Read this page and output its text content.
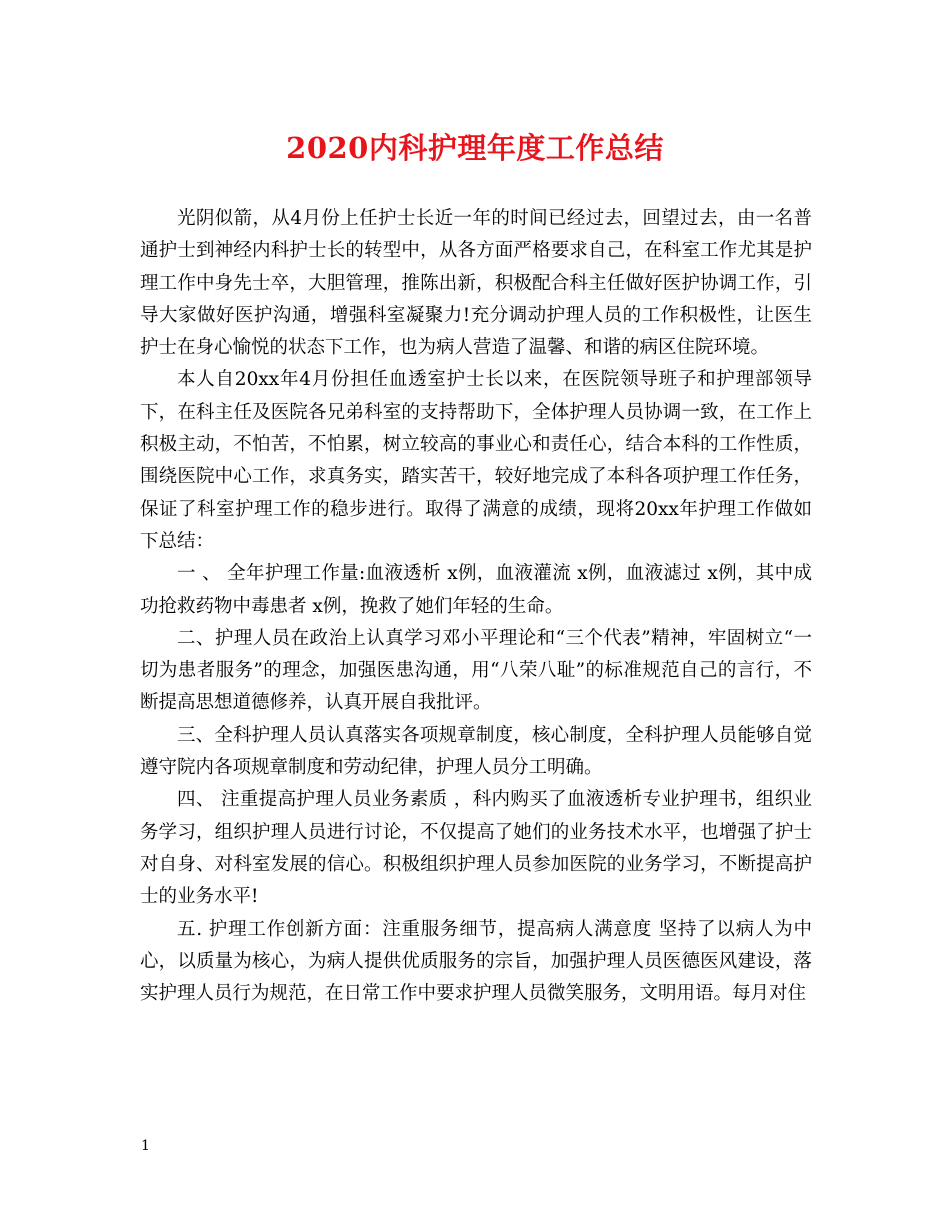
2020内科护理年度工作总结

光阴似箭，从4月份上任护士长近一年的时间已经过去，回望过去，由一名普通护士到神经内科护士长的转型中，从各方面严格要求自己，在科室工作尤其是护理工作中身先士卒，大胆管理，推陈出新，积极配合科主任做好医护协调工作，引导大家做好医护沟通，增强科室凝聚力!充分调动护理人员的工作积极性，让医生护士在身心愉悦的状态下工作，也为病人营造了温馨、和谐的病区住院环境。

本人自20xx年4月份担任血透室护士长以来，在医院领导班子和护理部领导下，在科主任及医院各兄弟科室的支持帮助下，全体护理人员协调一致，在工作上积极主动，不怕苦，不怕累，树立较高的事业心和责任心，结合本科的工作性质，围绕医院中心工作，求真务实，踏实苦干，较好地完成了本科各项护理工作任务，保证了科室护理工作的稳步进行。取得了满意的成绩，现将20xx年护理工作做如下总结：

一 、 全年护理工作量:血液透析 x例，血液灌流 x例，血液滤过 x例，其中成功抢救药物中毒患者 x例，挽救了她们年轻的生命。

二、护理人员在政治上认真学习邓小平理论和“三个代表”精神，牢固树立“一切为患者服务”的理念，加强医患沟通，用“八荣八耻”的标准规范自己的言行，不断提高思想道德修养，认真开展自我批评。

三、全科护理人员认真落实各项规章制度，核心制度，全科护理人员能够自觉遵守院内各项规章制度和劳动纪律，护理人员分工明确。

四、 注重提高护理人员业务素质 ，科内购买了血液透析专业护理书，组织业务学习，组织护理人员进行讨论，不仅提高了她们的业务技术水平，也增强了护士对自身、对科室发展的信心。积极组织护理人员参加医院的业务学习，不断提高护士的业务水平!

五. 护理工作创新方面：注重服务细节，提高病人满意度 坚持了以病人为中心，以质量为核心，为病人提供优质服务的宗旨，加强护理人员医德医风建设，落实护理人员行为规范，在日常工作中要求护理人员微笑服务，文明用语。每月对住

1
